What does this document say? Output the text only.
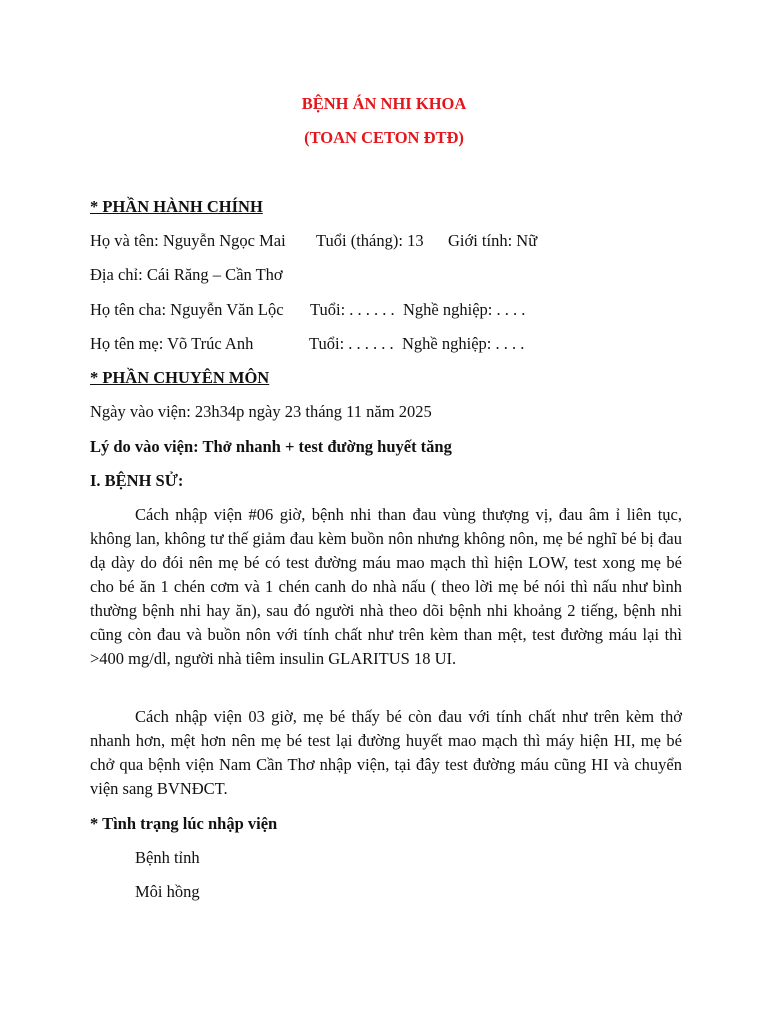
BỆNH ÁN NHI KHOA
(TOAN CETON ĐTĐ)
* PHẦN HÀNH CHÍNH
Họ và tên: Nguyễn Ngọc Mai Tuổi (tháng): 13 Giới tính: Nữ
Địa chỉ: Cái Răng – Cần Thơ
Họ tên cha: Nguyễn Văn Lộc Tuổi: . . . . . . Nghề nghiệp: . . . .
Họ tên mẹ: Võ Trúc Anh	Tuổi: . . . . . . Nghề nghiệp: . . . .
* PHẦN CHUYÊN MÔN
Ngày vào viện: 23h34p ngày 23 tháng 11 năm 2025
Lý do vào viện: Thở nhanh + test đường huyết tăng
I. BỆNH SỬ:
Cách nhập viện #06 giờ, bệnh nhi than đau vùng thượng vị, đau âm ỉ liên tục, không lan, không tư thế giảm đau kèm buồn nôn nhưng không nôn, mẹ bé nghĩ bé bị đau dạ dày do đói nên mẹ bé có test đường máu mao mạch thì hiện LOW, test xong mẹ bé cho bé ăn 1 chén cơm và 1 chén canh do nhà nấu ( theo lời mẹ bé nói thì nấu như bình thường bệnh nhi hay ăn), sau đó người nhà theo dõi bệnh nhi khoảng 2 tiếng, bệnh nhi cũng còn đau và buồn nôn với tính chất như trên kèm than mệt, test đường máu lại thì >400 mg/dl, người nhà tiêm insulin GLARITUS 18 UI.
Cách nhập viện 03 giờ, mẹ bé thấy bé còn đau với tính chất như trên kèm thở nhanh hơn, mệt hơn nên mẹ bé test lại đường huyết mao mạch thì máy hiện HI, mẹ bé chở qua bệnh viện Nam Cần Thơ nhập viện, tại đây test đường máu cũng HI và chuyển viện sang BVNĐCT.
* Tình trạng lúc nhập viện
Bệnh tỉnh
Môi hồng
